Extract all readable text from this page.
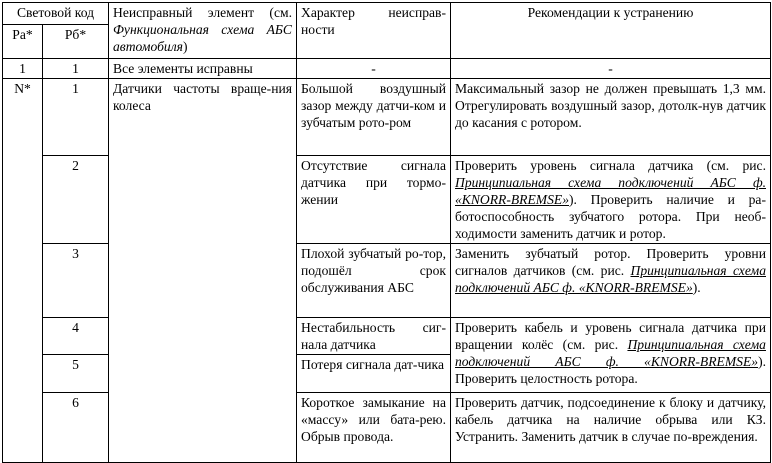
Световой код		Неисправный элемент (см. Функциональная схема АБС автомобиля)	Характер неисправ-ности	Рекомендации к устранению
Ра*	Рб*			
1	1	Все элементы исправны	-	-
N*	1	Датчики частоты враще-ния колеса	Большой воздушный зазор между датчи-ком и зубчатым рото-ром	Максимальный зазор не должен превышать 1,3 мм. Отрегулировать воздушный зазор, дотолк-нув датчик до касания с ротором.
	2		Отсутствие сигнала датчика при тормо-жении	Проверить уровень сигнала датчика (см. рис. Принципиальная схема подключений АБС ф. «KNORR-BREMSE»). Проверить наличие и ра-ботоспособность зубчатого ротора. При необ-ходимости заменить датчик и ротор.
	3		Плохой зубчатый ро-тор, подошёл срок обслуживания АБС	Заменить зубчатый ротор. Проверить уровни сигналов датчиков (см. рис. Принципиальная схема подключений АБС ф. «KNORR-BREMSE»).
	4		Нестабильность сиг-нала датчика	Проверить кабель и уровень сигнала датчика при вращении колёс (см. рис. Принципиальная схема подключений АБС ф. «KNORR-BREMSE»). Проверить целостность ротора.
	5		Потеря сигнала дат-чика	
	6		Короткое замыкание на «массу» или бата-рею. Обрыв провода.	Проверить датчик, подсоединение к блоку и датчику, кабель датчика на наличие обрыва или КЗ. Устранить. Заменить датчик в случае по-вреждения.
